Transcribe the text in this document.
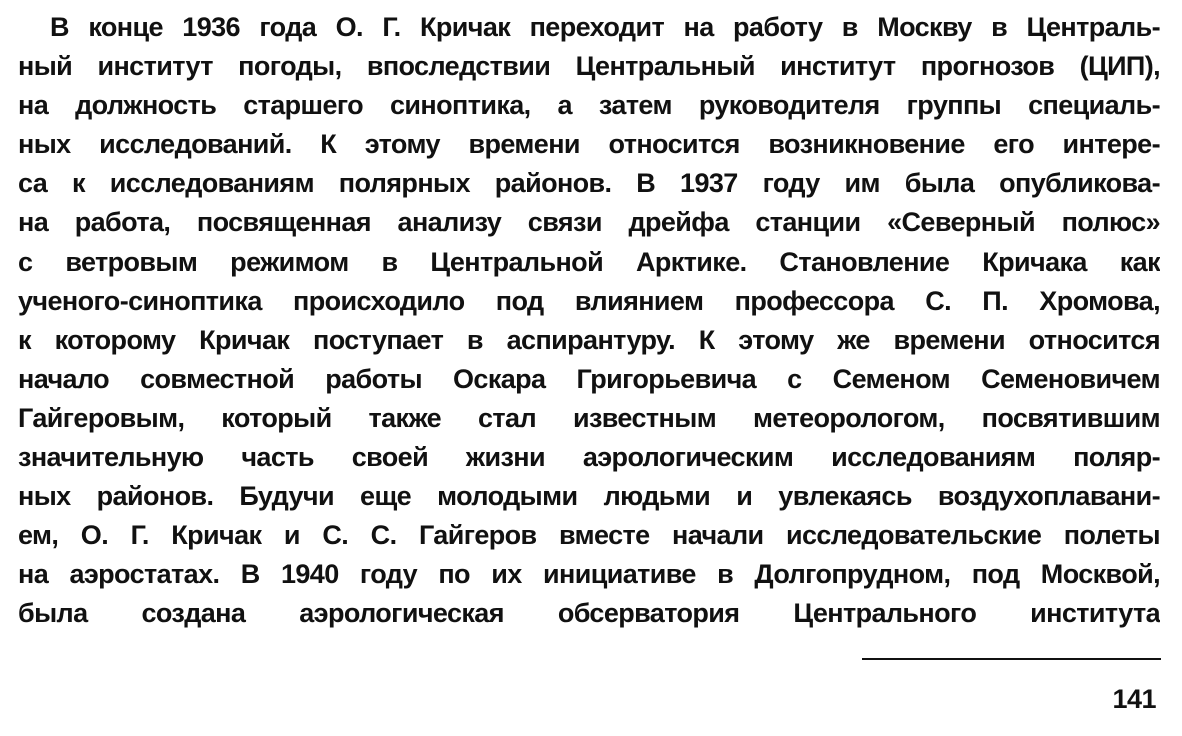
В конце 1936 года О. Г. Кричак переходит на работу в Москву в Централь-
ный институт погоды, впоследствии Центральный институт прогнозов (ЦИП),
на должность старшего синоптика, а затем руководителя группы специаль-
ных исследований. К этому времени относится возникновение его интере-
са к исследованиям полярных районов. В 1937 году им была опубликова-
на работа, посвященная анализу связи дрейфа станции «Северный полюс»
с ветровым режимом в Центральной Арктике. Становление Кричака как
ученого-синоптика происходило под влиянием профессора С. П. Хромова,
к которому Кричак поступает в аспирантуру. К этому же времени относится
начало совместной работы Оскара Григорьевича с Семеном Семеновичем
Гайгеровым, который также стал известным метеорологом, посвятившим
значительную часть своей жизни аэрологическим исследованиям поляр-
ных районов. Будучи еще молодыми людьми и увлекаясь воздухоплавани-
ем, О. Г. Кричак и С. С. Гайгеров вместе начали исследовательские полеты
на аэростатах. В 1940 году по их инициативе в Долгопрудном, под Москвой,
была создана аэрологическая обсерватория Центрального института
141
